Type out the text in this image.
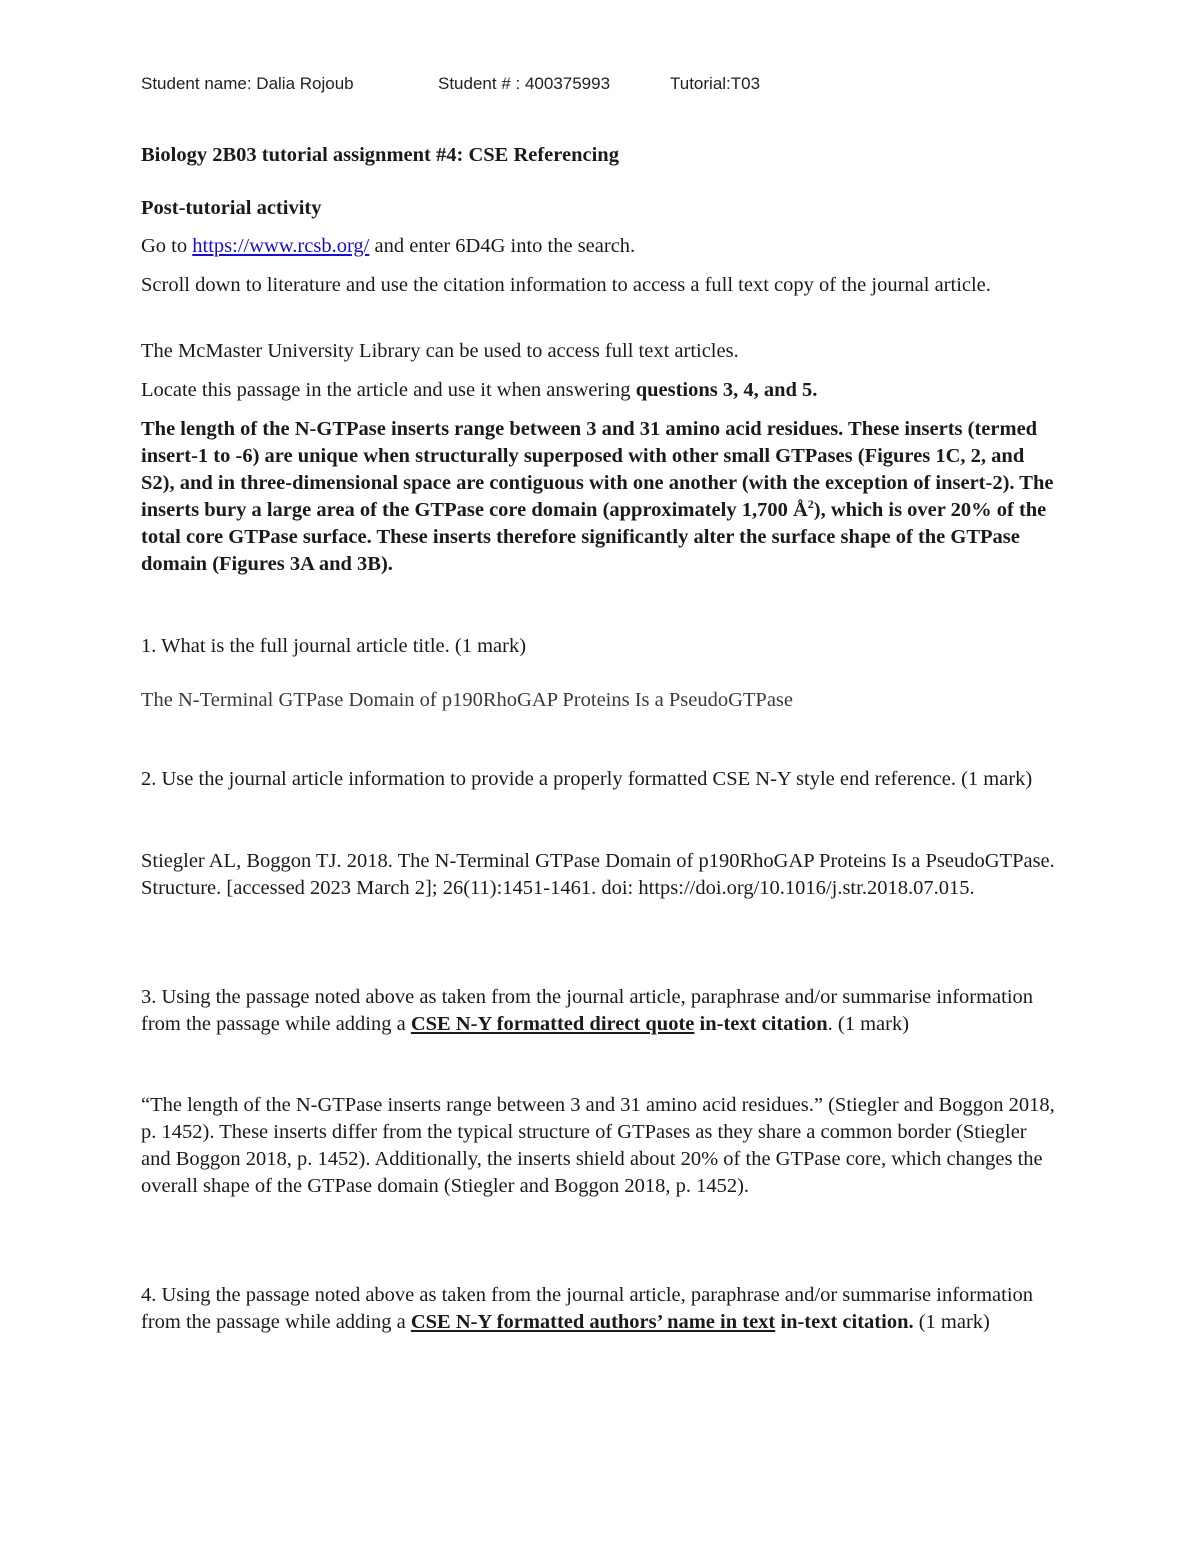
Student name: Dalia Rojoub	Student # : 400375993	Tutorial:T03
Biology 2B03 tutorial assignment #4: CSE Referencing
Post-tutorial activity
Go to https://www.rcsb.org/ and enter 6D4G into the search.
Scroll down to literature and use the citation information to access a full text copy of the journal article.
The McMaster University Library can be used to access full text articles.
Locate this passage in the article and use it when answering questions 3, 4, and 5.
The length of the N-GTPase inserts range between 3 and 31 amino acid residues. These inserts (termed insert-1 to -6) are unique when structurally superposed with other small GTPases (Figures 1C, 2, and S2), and in three-dimensional space are contiguous with one another (with the exception of insert-2). The inserts bury a large area of the GTPase core domain (approximately 1,700 $Å^2$), which is over 20% of the total core GTPase surface. These inserts therefore significantly alter the surface shape of the GTPase domain (Figures 3A and 3B).
1. What is the full journal article title. (1 mark)
The N-Terminal GTPase Domain of p190RhoGAP Proteins Is a PseudoGTPase
2. Use the journal article information to provide a properly formatted CSE N-Y style end reference. (1 mark)
Stiegler AL, Boggon TJ. 2018. The N-Terminal GTPase Domain of p190RhoGAP Proteins Is a PseudoGTPase. Structure. [accessed 2023 March 2]; 26(11):1451-1461. doi: https://doi.org/10.1016/j.str.2018.07.015.
3. Using the passage noted above as taken from the journal article, paraphrase and/or summarise information from the passage while adding a CSE N-Y formatted direct quote in-text citation. (1 mark)
“The length of the N-GTPase inserts range between 3 and 31 amino acid residues.” (Stiegler and Boggon 2018, p. 1452). These inserts differ from the typical structure of GTPases as they share a common border (Stiegler and Boggon 2018, p. 1452). Additionally, the inserts shield about 20% of the GTPase core, which changes the overall shape of the GTPase domain (Stiegler and Boggon 2018, p. 1452).
4. Using the passage noted above as taken from the journal article, paraphrase and/or summarise information from the passage while adding a CSE N-Y formatted authors’ name in text in-text citation. (1 mark)
